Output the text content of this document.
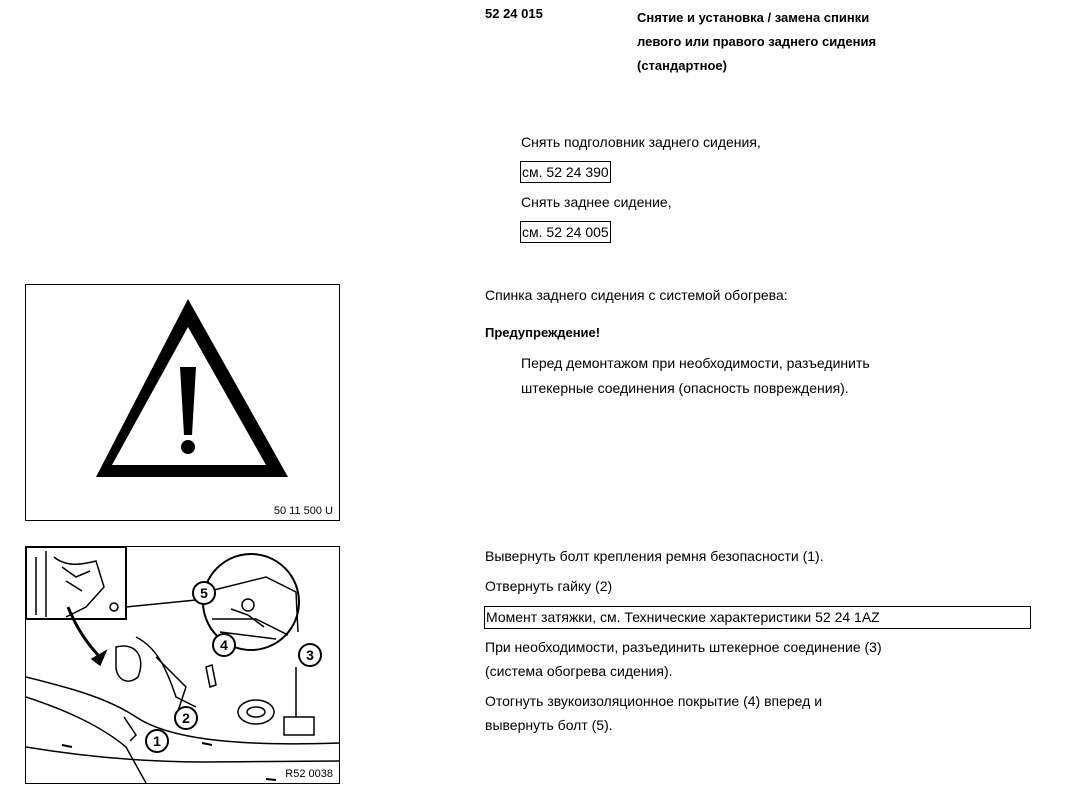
52 24 015	Снятие и установка / замена спинки
левого или правого заднего сидения
(стандартное)
Снять подголовник заднего сидения,
см. 52 24 390
Снять заднее сидение,
см. 52 24 005
Спинка заднего сидения с системой обогрева:
Предупреждение!
Перед демонтажом при необходимости, разъединить
штекерные соединения (опасность повреждения).
50 11 500 U
5
4
3
2
1
R52 0038
Вывернуть болт крепления ремня безопасности (1).
Отвернуть гайку (2)
Момент затяжки, см. Технические характеристики 52 24 1AZ
При необходимости, разъединить штекерное соединение (3)
(система обогрева сидения).
Отогнуть звукоизоляционное покрытие (4) вперед и
вывернуть болт (5).
